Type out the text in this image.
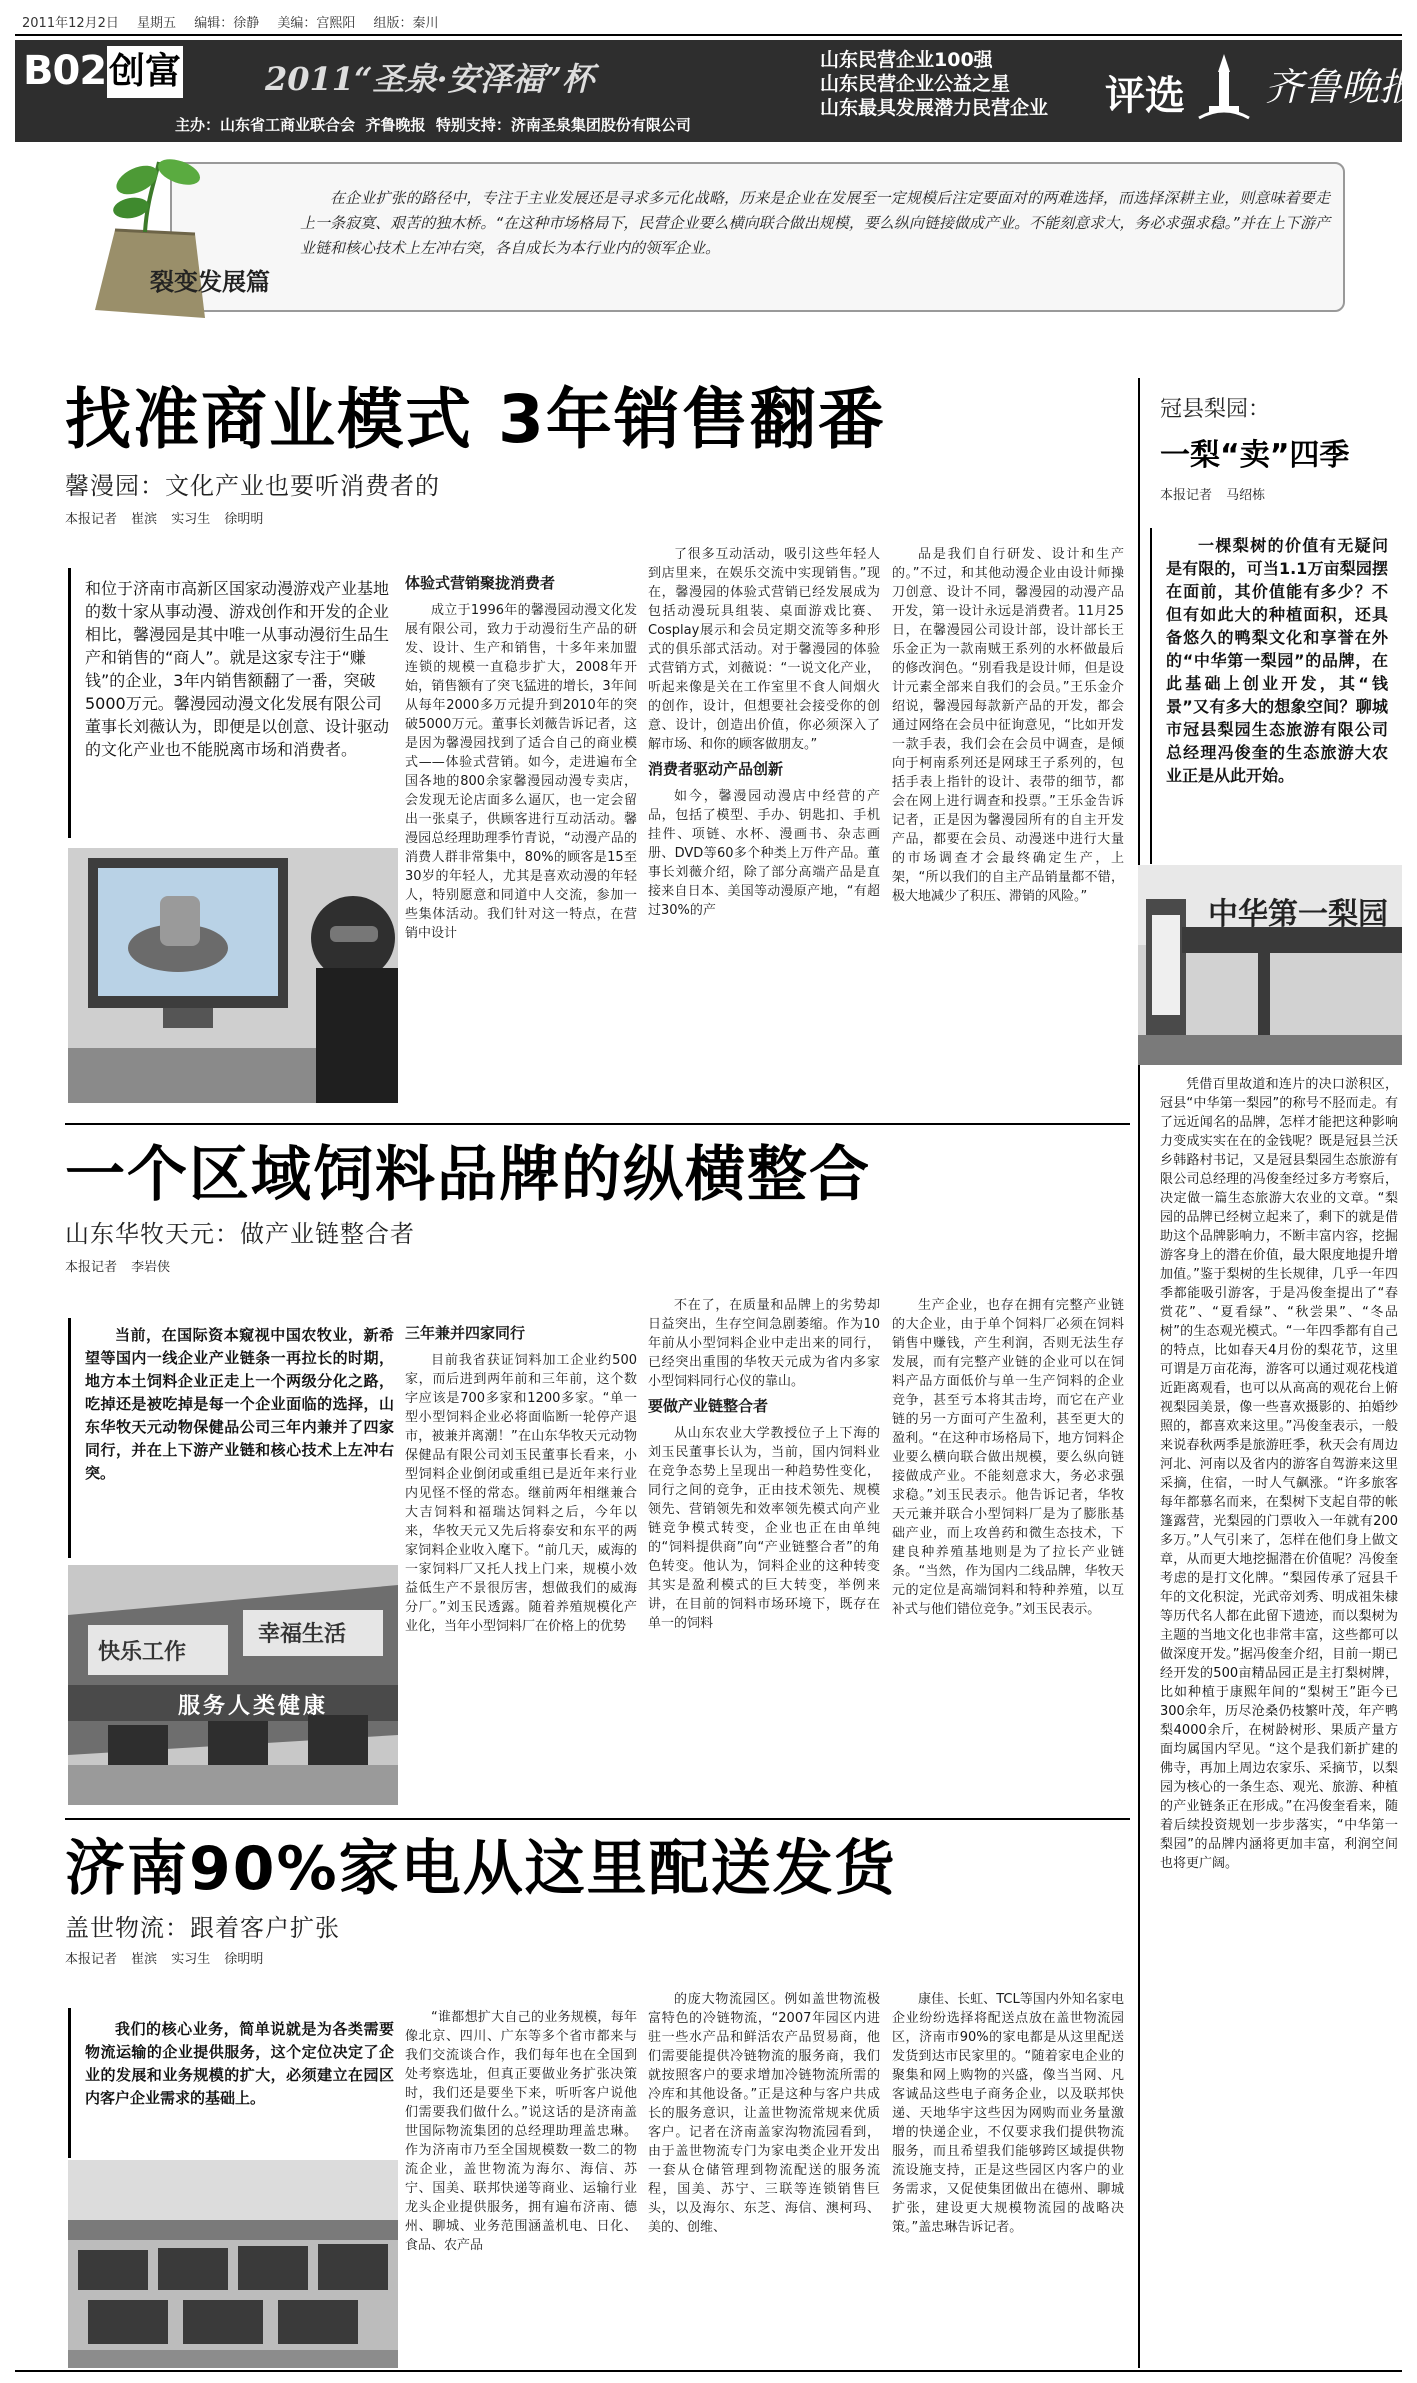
2011年12月2日 星期五 编辑：徐静 美编：宫熙阳 组版：秦川
B02 创富	2011“圣泉·安泽福”杯	山东民营企业100强
山东民营企业公益之星
山东最具发展潜力民营企业 评选 齐鲁晚报
主办：山东省工商业联合会  齐鲁晚报  特别支持：济南圣泉集团股份有限公司
在企业扩张的路径中，专注于主业发展还是寻求多元化战略，历来是企业在发展至一定规模后注定要面对的两难选择，而选择深耕主业，则意味着要走上一条寂寞、艰苦的独木桥。“在这种市场格局下，民营企业要么横向联合做出规模，要么纵向链接做成产业。不能刻意求大，务必求强求稳。”并在上下游产业链和核心技术上左冲右突，各自成长为本行业内的领军企业。
裂变发展篇
找准商业模式 3年销售翻番
馨漫园：文化产业也要听消费者的
本报记者 崔滨 实习生 徐明明
和位于济南市高新区国家动漫游戏产业基地的数十家从事动漫、游戏创作和开发的企业相比，馨漫园是其中唯一从事动漫衍生品生产和销售的“商人”。就是这家专注于“赚钱”的企业，3年内销售额翻了一番，突破5000万元。馨漫园动漫文化发展有限公司董事长刘薇认为，即便是以创意、设计驱动的文化产业也不能脱离市场和消费者。
体验式营销聚拢消费者

成立于1996年的馨漫园动漫文化发展有限公司，致力于动漫衍生产品的研发、设计、生产和销售，十多年来加盟连锁的规模一直稳步扩大，2008年开始，销售额有了突飞猛进的增长，3年间从每年2000多万元提升到2010年的突破5000万元。董事长刘薇告诉记者，这是因为馨漫园找到了适合自己的商业模式——体验式营销。如今，走进遍布全国各地的800余家馨漫园动漫专卖店，会发现无论店面多么逼仄，也一定会留出一张桌子，供顾客进行互动活动。馨漫园总经理助理季竹青说，“动漫产品的消费人群非常集中，80%的顾客是15至30岁的年轻人，尤其是喜欢动漫的年轻人，特别愿意和同道中人交流，参加一些集体活动。我们针对这一特点，在营销中设计

了很多互动活动，吸引这些年轻人到店里来，在娱乐交流中实现销售。”现在，馨漫园的体验式营销已经发展成为包括动漫玩具组装、桌面游戏比赛、Cosplay展示和会员定期交流等多种形式的俱乐部式活动。对于馨漫园的体验式营销方式，刘薇说：“一说文化产业，听起来像是关在工作室里不食人间烟火的创作，设计，但想要社会接受你的创意、设计，创造出价值，你必须深入了解市场、和你的顾客做朋友。”

消费者驱动产品创新

如今，馨漫园动漫店中经营的产品，包括了模型、手办、钥匙扣、手机挂件、项链、水杯、漫画书、杂志画册、DVD等60多个种类上万件产品。董事长刘薇介绍，除了部分高端产品是直接来自日本、美国等动漫原产地，“有超过30%的产

品是我们自行研发、设计和生产的。”不过，和其他动漫企业由设计师操刀创意、设计不同，馨漫园的动漫产品开发，第一设计永远是消费者。11月25日，在馨漫园公司设计部，设计部长王乐金正为一款南贼王系列的水杯做最后的修改润色。“别看我是设计师，但是设计元素全部来自我们的会员。”王乐金介绍说，馨漫园每款新产品的开发，都会通过网络在会员中征询意见，“比如开发一款手表，我们会在会员中调查，是倾向于柯南系列还是网球王子系列的，包括手表上指针的设计、表带的细节，都会在网上进行调查和投票。”王乐金告诉记者，正是因为馨漫园所有的自主开发产品，都要在会员、动漫迷中进行大量的市场调查才会最终确定生产，上架，“所以我们的自主产品销量都不错，极大地减少了积压、滞销的风险。”

一个区域饲料品牌的纵横整合
山东华牧天元：做产业链整合者
本报记者 李岩侠
当前，在国际资本窥视中国农牧业，新希望等国内一线企业产业链条一再拉长的时期，地方本土饲料企业正走上一个两级分化之路，吃掉还是被吃掉是每一个企业面临的选择，山东华牧天元动物保健品公司三年内兼并了四家同行，并在上下游产业链和核心技术上左冲右突。
快乐工作
幸福生活
服务人类健康
三年兼并四家同行

目前我省获证饲料加工企业约500家，而后进到两年前和三年前，这个数字应该是700多家和1200多家。“单一型小型饲料企业必将面临断一轮停产退市，被兼并离潮！”在山东华牧天元动物保健品有限公司刘玉民董事长看来，小型饲料企业倒闭或重组已是近年来行业内见怪不怪的常态。继前两年相继兼合大吉饲料和福瑞达饲料之后，今年以来，华牧天元又先后将泰安和东平的两家饲料企业收入麾下。“前几天，威海的一家饲料厂又托人找上门来，规模小效益低生产不景很厉害，想做我们的威海分厂。”刘玉民透露。随着养殖规模化产业化，当年小型饲料厂在价格上的优势

不在了，在质量和品牌上的劣势却日益突出，生存空间急剧萎缩。作为10年前从小型饲料企业中走出来的同行，已经突出重围的华牧天元成为省内多家小型饲料同行心仪的靠山。

要做产业链整合者

从山东农业大学教授位子上下海的刘玉民董事长认为，当前，国内饲料业在竞争态势上呈现出一种趋势性变化，同行之间的竞争，正由技术领先、规模领先、营销领先和效率领先模式向产业链竞争模式转变，企业也正在由单纯的“饲料提供商”向“产业链整合者”的角色转变。他认为，饲料企业的这种转变其实是盈利模式的巨大转变，举例来讲，在目前的饲料市场环境下，既存在单一的饲料

生产企业，也存在拥有完整产业链的大企业，由于单个饲料厂必须在饲料销售中赚钱，产生利润，否则无法生存发展，而有完整产业链的企业可以在饲料产品方面低价与单一生产饲料的企业竞争，甚至亏本将其击垮，而它在产业链的另一方面可产生盈利，甚至更大的盈利。“在这种市场格局下，地方饲料企业要么横向联合做出规模，要么纵向链接做成产业。不能刻意求大，务必求强求稳。”刘玉民表示。他告诉记者，华牧天元兼并联合小型饲料厂是为了膨胀基础产业，而上攻兽药和微生态技术，下建良种养殖基地则是为了拉长产业链条。“当然，作为国内二线品牌，华牧天元的定位是高端饲料和特种养殖，以互补式与他们错位竞争。”刘玉民表示。

济南90%家电从这里配送发货
盖世物流：跟着客户扩张
本报记者 崔滨 实习生 徐明明
我们的核心业务，简单说就是为各类需要物流运输的企业提供服务，这个定位决定了企业的发展和业务规模的扩大，必须建立在园区内客户企业需求的基础上。

“谁都想扩大自己的业务规模，每年像北京、四川、广东等多个省市都来与我们交流谈合作，我们每年也在全国到处考察选址，但真正要做业务扩张决策时，我们还是要坐下来，听听客户说他们需要我们做什么。”说这话的是济南盖世国际物流集团的总经理助理盖忠琳。作为济南市乃至全国规模数一数二的物流企业，盖世物流为海尔、海信、苏宁、国美、联邦快递等商业、运输行业龙头企业提供服务，拥有遍布济南、德州、聊城、业务范围涵盖机电、日化、食品、农产品

的庞大物流园区。例如盖世物流极富特色的冷链物流，“2007年园区内进驻一些水产品和鲜活农产品贸易商，他们需要能提供冷链物流的服务商，我们就按照客户的要求增加冷链物流所需的冷库和其他设备。”正是这种与客户共成长的服务意识，让盖世物流常规来优质客户。记者在济南盖家沟物流园看到，由于盖世物流专门为家电类企业开发出一套从仓储管理到物流配送的服务流程，国美、苏宁、三联等连锁销售巨头，以及海尔、东芝、海信、澳柯玛、美的、创维、

康佳、长虹、TCL等国内外知名家电企业纷纷选择将配送点放在盖世物流园区，济南市90%的家电都是从这里配送发货到达市民家里的。“随着家电企业的聚集和网上购物的兴盛，像当当网、凡客诚品这些电子商务企业，以及联邦快递、天地华宇这些因为网购而业务量激增的快递企业，不仅要求我们提供物流服务，而且希望我们能够跨区域提供物流设施支持，正是这些园区内客户的业务需求，又促使集团做出在德州、聊城扩张，建设更大规模物流园的战略决策。”盖忠琳告诉记者。

冠县梨园：
一梨“卖”四季
本报记者 马绍栋
一棵梨树的价值有无疑问是有限的，可当1.1万亩梨园摆在面前，其价值能有多少？不但有如此大的种植面积，还具备悠久的鸭梨文化和享誉在外的“中华第一梨园”的品牌，在此基础上创业开发，其“钱景”又有多大的想象空间？聊城市冠县梨园生态旅游有限公司总经理冯俊奎的生态旅游大农业正是从此开始。
中华第一梨园

凭借百里故道和连片的决口淤积区，冠县“中华第一梨园”的称号不胫而走。有了远近闻名的品牌，怎样才能把这种影响力变成实实在在的金钱呢？既是冠县兰沃乡韩路村书记，又是冠县梨园生态旅游有限公司总经理的冯俊奎经过多方考察后，决定做一篇生态旅游大农业的文章。“梨园的品牌已经树立起来了，剩下的就是借助这个品牌影响力，不断丰富内容，挖掘游客身上的潜在价值，最大限度地提升增加值。”鉴于梨树的生长规律，几乎一年四季都能吸引游客，于是冯俊奎提出了“春赏花”、“夏看绿”、“秋尝果”、“冬品树”的生态观光模式。“一年四季都有自己的特点，比如春天4月份的梨花节，这里可谓是万亩花海，游客可以通过观花栈道近距离观看，也可以从高高的观花台上俯视梨园美景，像一些喜欢摄影的、拍婚纱照的，都喜欢来这里。”冯俊奎表示，一般来说春秋两季是旅游旺季，秋天会有周边河北、河南以及省内的游客自驾游来这里采摘，住宿，一时人气飙涨。“许多旅客每年都慕名而来，在梨树下支起自带的帐篷露营，光梨园的门票收入一年就有200多万。”人气引来了，怎样在他们身上做文章，从而更大地挖掘潜在价值呢？冯俊奎考虑的是打文化牌。“梨园传承了冠县千年的文化积淀，光武帝刘秀、明成祖朱棣等历代名人都在此留下遗迹，而以梨树为主题的当地文化也非常丰富，这些都可以做深度开发。”据冯俊奎介绍，目前一期已经开发的500亩精品园正是主打梨树牌，比如种植于康熙年间的“梨树王”距今已300余年，历尽沧桑仍枝繁叶茂，年产鸭梨4000余斤，在树龄树形、果质产量方面均属国内罕见。“这个是我们新扩建的佛寺，再加上周边农家乐、采摘节，以梨园为核心的一条生态、观光、旅游、种植的产业链条正在形成。”在冯俊奎看来，随着后续投资规划一步步落实，“中华第一梨园”的品牌内涵将更加丰富，利润空间也将更广阔。
